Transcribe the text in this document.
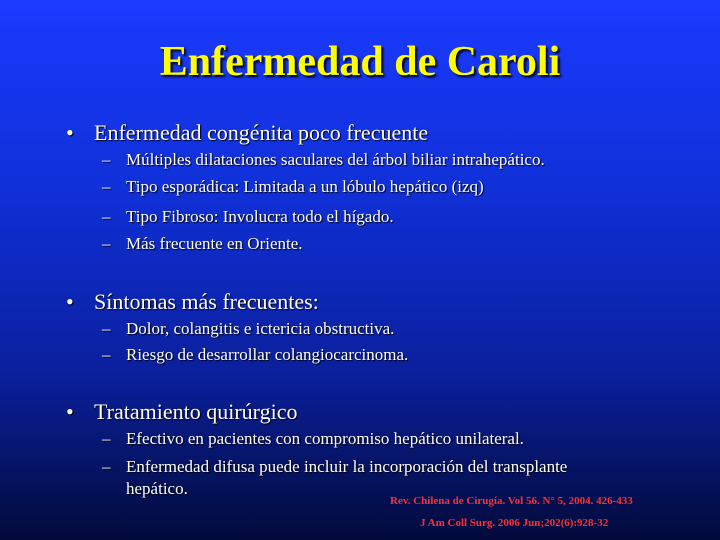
Enfermedad de Caroli
• Enfermedad congénita poco frecuente
– Múltiples dilataciones saculares del árbol biliar intrahepático.
– Tipo esporádica: Limitada a un lóbulo hepático (izq)
– Tipo Fibroso: Involucra todo el hígado.
– Más frecuente en Oriente.
• Síntomas más frecuentes:
– Dolor, colangitis e ictericia obstructiva.
– Riesgo de desarrollar colangiocarcinoma.
• Tratamiento quirúrgico
– Efectivo en pacientes con compromiso hepático unilateral.
– Enfermedad difusa puede incluir la incorporación del transplante
hepático.
Rev. Chilena de Cirugía. Vol 56. N° 5, 2004. 426-433
J Am Coll Surg. 2006 Jun;202(6):928-32
